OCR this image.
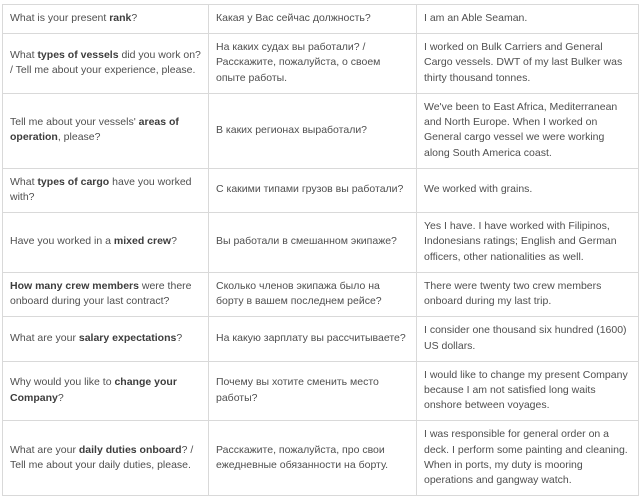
What is your present rank?	Какая у Вас сейчас должность?	I am an Able Seaman.

What types of vessels did you work on? / Tell me about your experience, please.	На каких судах вы работали? / Расскажите, пожалуйста, о своем опыте работы.	I worked on Bulk Carriers and General Cargo vessels. DWT of my last Bulker was thirty thousand tonnes.

Tell me about your vessels' areas of operation, please?	В каких регионах выработали?	We've been to East Africa, Mediterranean and North Europe. When I worked on General cargo vessel we were working along South America coast.

What types of cargo have you worked with?	С какими типами грузов вы работали?	We worked with grains.

Have you worked in a mixed crew?	Вы работали в смешанном экипаже?	Yes I have. I have worked with Filipinos, Indonesians ratings; English and German officers, other nationalities as well.

How many crew members were there onboard during your last contract?	Сколько членов экипажа было на борту в вашем последнем рейсе?	There were twenty two crew members onboard during my last trip.

What are your salary expectations?	На какую зарплату вы рассчитываете?	I consider one thousand six hundred (1600) US dollars.

Why would you like to change your Company?	Почему вы хотите сменить место работы?	I would like to change my present Company because I am not satisfied long waits onshore between voyages.

What are your daily duties onboard? / Tell me about your daily duties, please.	Расскажите, пожалуйста, про свои ежедневные обязанности на борту.	I was responsible for general order on a deck. I perform some painting and cleaning. When in ports, my duty is mooring operations and gangway watch.
